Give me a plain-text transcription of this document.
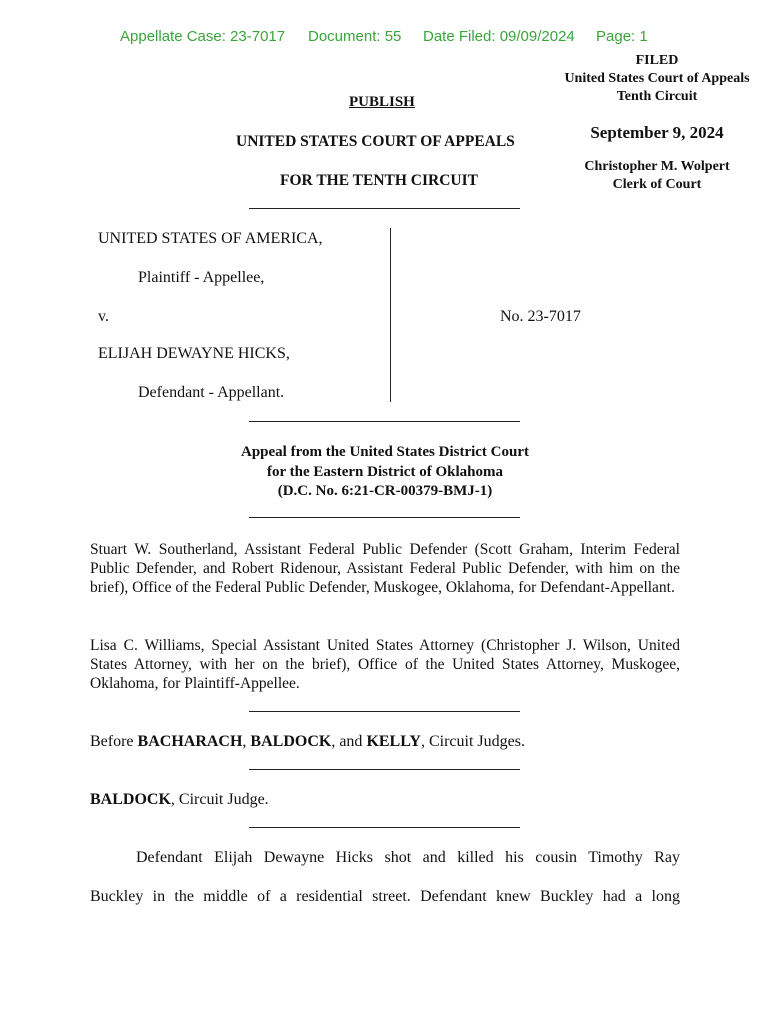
Appellate Case: 23-7017 Document: 55 Date Filed: 09/09/2024 Page: 1
FILED
United States Court of Appeals
Tenth Circuit
September 9, 2024
Christopher M. Wolpert
Clerk of Court
PUBLISH
UNITED STATES COURT OF APPEALS
FOR THE TENTH CIRCUIT
UNITED STATES OF AMERICA,
Plaintiff - Appellee,
v.
ELIJAH DEWAYNE HICKS,
Defendant - Appellant.
No. 23-7017
Appeal from the United States District Court
for the Eastern District of Oklahoma
(D.C. No. 6:21-CR-00379-BMJ-1)
Stuart W. Southerland, Assistant Federal Public Defender (Scott Graham, Interim Federal Public Defender, and Robert Ridenour, Assistant Federal Public Defender, with him on the brief), Office of the Federal Public Defender, Muskogee, Oklahoma, for Defendant-Appellant.
Lisa C. Williams, Special Assistant United States Attorney (Christopher J. Wilson, United States Attorney, with her on the brief), Office of the United States Attorney, Muskogee, Oklahoma, for Plaintiff-Appellee.
Before BACHARACH, BALDOCK, and KELLY, Circuit Judges.
BALDOCK, Circuit Judge.
Defendant Elijah Dewayne Hicks shot and killed his cousin Timothy Ray
Buckley in the middle of a residential street. Defendant knew Buckley had a long
